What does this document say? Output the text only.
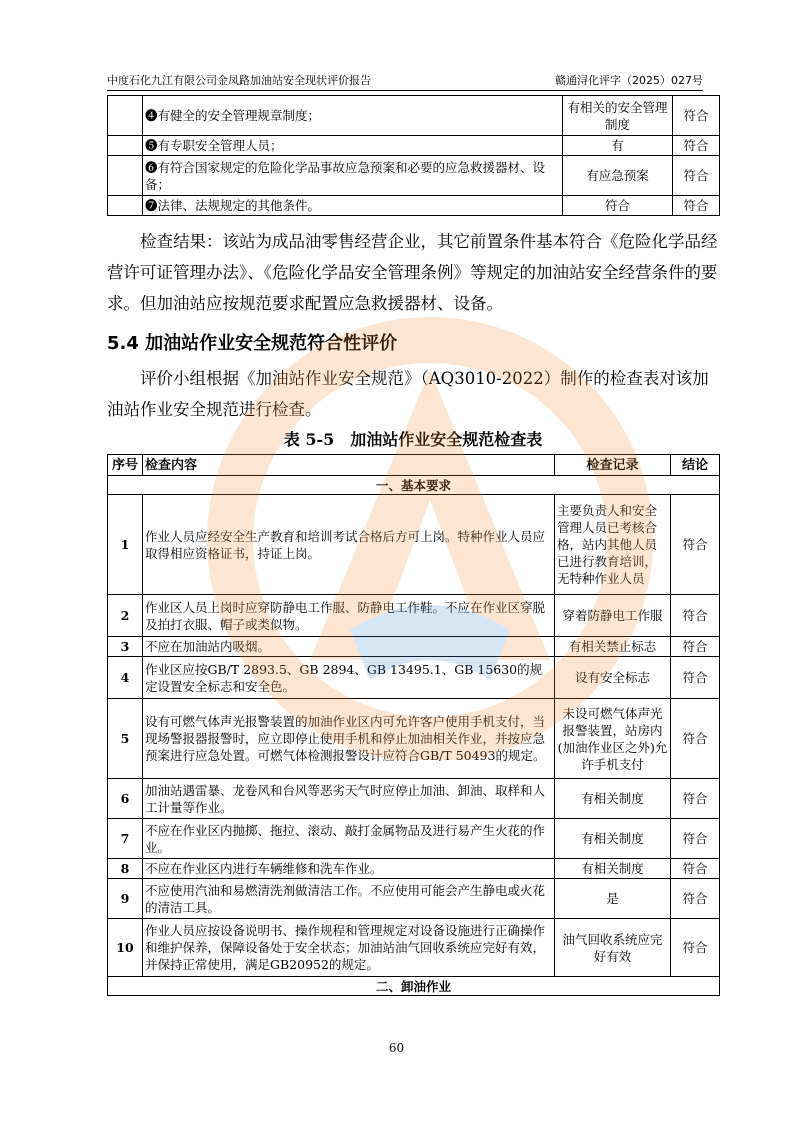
中度石化九江有限公司金凤路加油站安全现状评价报告	赣通浔化评字（2025）027号
	❹有健全的安全管理规章制度；	有相关的安全管理制度	符合
	❺有专职安全管理人员；	有	符合
	❻有符合国家规定的危险化学品事故应急预案和必要的应急救援器材、设备；	有应急预案	符合
	❼法律、法规规定的其他条件。	符合	符合
检查结果：该站为成品油零售经营企业，其它前置条件基本符合《危险化学品经营许可证管理办法》、《危险化学品安全管理条例》等规定的加油站安全经营条件的要求。但加油站应按规范要求配置应急救援器材、设备。
5.4 加油站作业安全规范符合性评价
评价小组根据《加油站作业安全规范》（AQ3010-2022）制作的检查表对该加油站作业安全规范进行检查。
表 5-5　加油站作业安全规范检查表
序号	检查内容	检查记录	结论
一、基本要求			
1	作业人员应经安全生产教育和培训考试合格后方可上岗。特种作业人员应取得相应资格证书，持证上岗。	主要负责人和安全管理人员已考核合格，站内其他人员已进行教育培训，无特种作业人员	符合
2	作业区人员上岗时应穿防静电工作服、防静电工作鞋。不应在作业区穿脱及拍打衣服、帽子或类似物。	穿着防静电工作服	符合
3	不应在加油站内吸烟。	有相关禁止标志	符合
4	作业区应按GB/T 2893.5、GB 2894、GB 13495.1、GB 15630的规定设置安全标志和安全色。	设有安全标志	符合
5	设有可燃气体声光报警装置的加油作业区内可允许客户使用手机支付，当现场警报器报警时，应立即停止使用手机和停止加油相关作业，并按应急预案进行应急处置。可燃气体检测报警设计应符合GB/T 50493的规定。	未设可燃气体声光报警装置，站房内(加油作业区之外)允许手机支付	符合
6	加油站遇雷暴、龙卷风和台风等恶劣天气时应停止加油、卸油、取样和人工计量等作业。	有相关制度	符合
7	不应在作业区内抛掷、拖拉、滚动、敲打金属物品及进行易产生火花的作业。	有相关制度	符合
8	不应在作业区内进行车辆维修和洗车作业。	有相关制度	符合
9	不应使用汽油和易燃清洗剂做清洁工作。不应使用可能会产生静电或火花的清洁工具。	是	符合
10	作业人员应按设备说明书、操作规程和管理规定对设备设施进行正确操作和维护保养，保障设备处于安全状态；加油站油气回收系统应完好有效，并保持正常使用，满足GB20952的规定。	油气回收系统应完好有效	符合
二、卸油作业			
60
